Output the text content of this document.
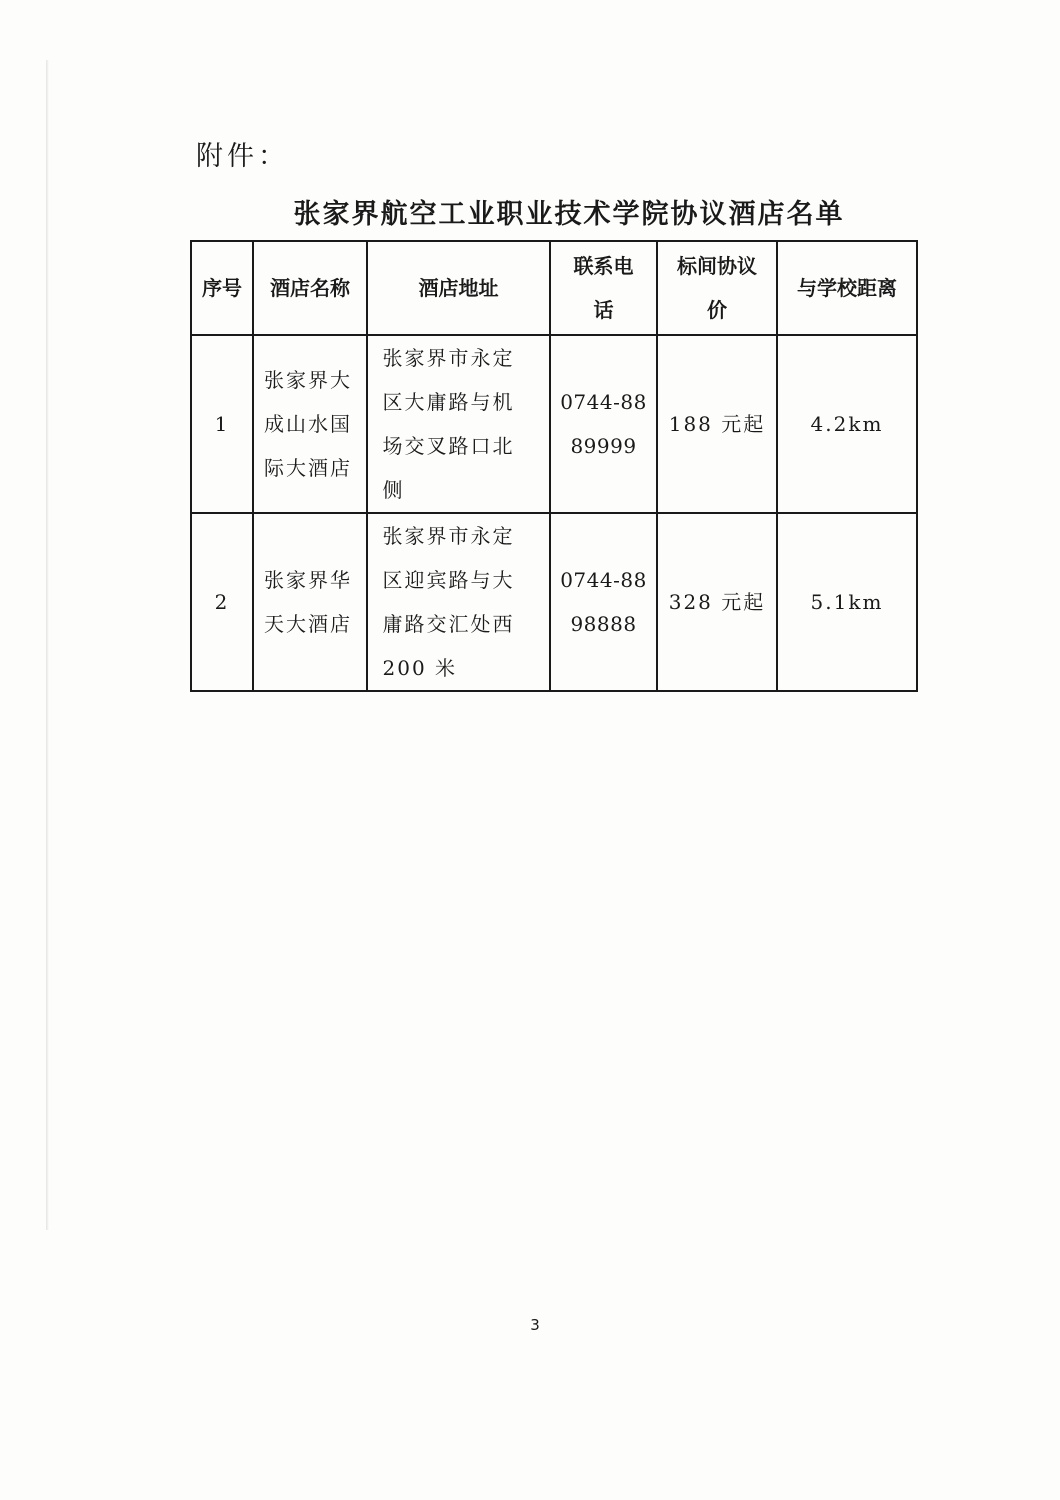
附件：
张家界航空工业职业技术学院协议酒店名单
序号	酒店名称	酒店地址	联系电话	标间协议价	与学校距离
1	张家界大成山水国际大酒店	张家界市永定区大庸路与机场交叉路口北侧	0744-8889999	188 元起	4.2km
2	张家界华天大酒店	张家界市永定区迎宾路与大庸路交汇处西 200 米	0744-8898888	328 元起	5.1km
3
